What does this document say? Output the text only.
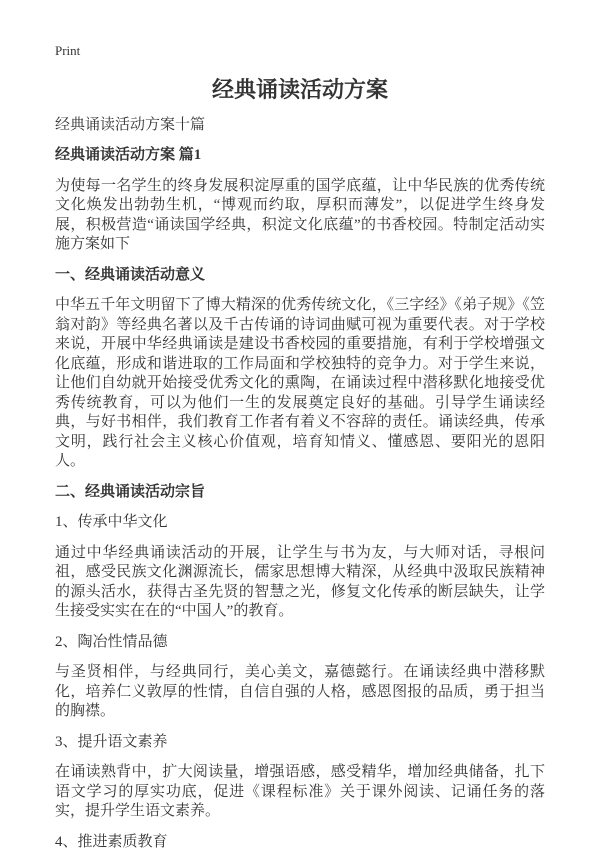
Print
经典诵读活动方案

经典诵读活动方案十篇

经典诵读活动方案 篇1

为使每一名学生的终身发展积淀厚重的国学底蕴，让中华民族的优秀传统文化焕发出勃勃生机，“博观而约取，厚积而薄发”，以促进学生终身发展，积极营造“诵读国学经典，积淀文化底蕴”的书香校园。特制定活动实施方案如下

一、经典诵读活动意义

中华五千年文明留下了博大精深的优秀传统文化，《三字经》《弟子规》《笠翁对韵》等经典名著以及千古传诵的诗词曲赋可视为重要代表。对于学校来说，开展中华经典诵读是建设书香校园的重要措施，有利于学校增强文化底蕴，形成和谐进取的工作局面和学校独特的竞争力。对于学生来说，让他们自幼就开始接受优秀文化的熏陶，在诵读过程中潜移默化地接受优秀传统教育，可以为他们一生的发展奠定良好的基础。引导学生诵读经典，与好书相伴，我们教育工作者有着义不容辞的责任。诵读经典，传承文明，践行社会主义核心价值观，培育知情义、懂感恩、要阳光的恩阳人。

二、经典诵读活动宗旨

1、传承中华文化

通过中华经典诵读活动的开展，让学生与书为友，与大师对话，寻根问祖，感受民族文化渊源流长，儒家思想博大精深，从经典中汲取民族精神的源头活水，获得古圣先贤的智慧之光，修复文化传承的断层缺失，让学生接受实实在在的“中国人”的教育。

2、陶冶性情品德

与圣贤相伴，与经典同行，美心美文，嘉德懿行。在诵读经典中潜移默化，培养仁义敦厚的性情，自信自强的人格，感恩图报的品质，勇于担当的胸襟。

3、提升语文素养

在诵读熟背中，扩大阅读量，增强语感，感受精华，增加经典储备，扎下语文学习的厚实功底，促进《课程标准》关于课外阅读、记诵任务的落实，提升学生语文素养。

4、推进素质教育
